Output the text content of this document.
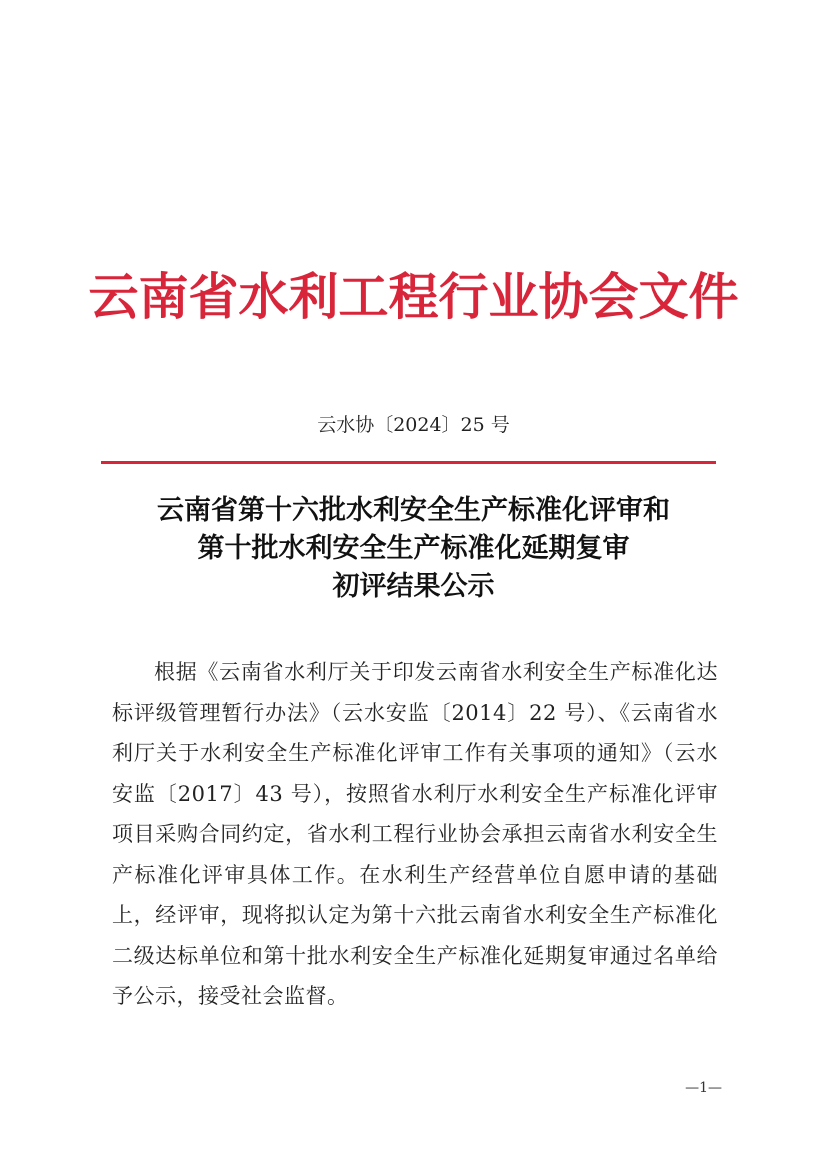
云南省水利工程行业协会文件
云水协〔2024〕25 号
云南省第十六批水利安全生产标准化评审和
第十批水利安全生产标准化延期复审
初评结果公示
根据《云南省水利厅关于印发云南省水利安全生产标准化达标评级管理暂行办法》（云水安监〔2014〕22 号）、《云南省水利厅关于水利安全生产标准化评审工作有关事项的通知》（云水安监〔2017〕43 号），按照省水利厅水利安全生产标准化评审项目采购合同约定，省水利工程行业协会承担云南省水利安全生产标准化评审具体工作。在水利生产经营单位自愿申请的基础上，经评审，现将拟认定为第十六批云南省水利安全生产标准化二级达标单位和第十批水利安全生产标准化延期复审通过名单给予公示，接受社会监督。
—1—
